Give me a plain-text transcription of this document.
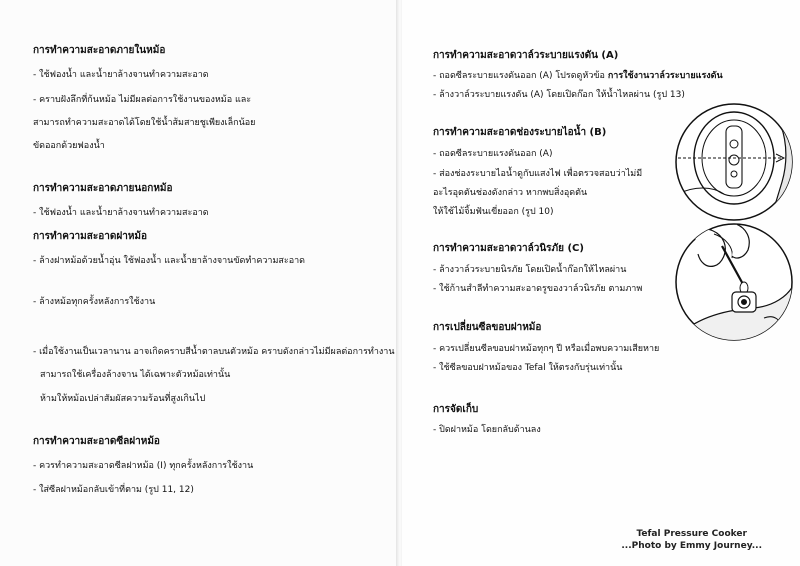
การทำความสะอาดภายในหม้อ
- ใช้ฟองน้ำ และน้ำยาล้างจานทำความสะอาด
- คราบฝังลึกที่ก้นหม้อ ไม่มีผลต่อการใช้งานของหม้อ และ
สามารถทำความสะอาดได้โดยใช้น้ำส้มสายชูเพียงเล็กน้อย
ขัดออกด้วยฟองน้ำ
การทำความสะอาดภายนอกหม้อ
- ใช้ฟองน้ำ และน้ำยาล้างจานทำความสะอาด
การทำความสะอาดฝาหม้อ
- ล้างฝาหม้อด้วยน้ำอุ่น ใช้ฟองน้ำ และน้ำยาล้างจานขัดทำความสะอาด
- ล้างหม้อทุกครั้งหลังการใช้งาน
- เมื่อใช้งานเป็นเวลานาน อาจเกิดคราบสีน้ำตาลบนตัวหม้อ คราบดังกล่าวไม่มีผลต่อการทำงาน
สามารถใช้เครื่องล้างจาน ได้เฉพาะตัวหม้อเท่านั้น
ห้ามให้หม้อเปล่าสัมผัสความร้อนที่สูงเกินไป
การทำความสะอาดซีลฝาหม้อ
- ควรทำความสะอาดซีลฝาหม้อ (I) ทุกครั้งหลังการใช้งาน
- ใส่ซีลฝาหม้อกลับเข้าที่ตาม (รูป 11, 12)
การทำความสะอาดวาล์วระบายแรงดัน (A)
- ถอดซีลระบายแรงดันออก (A) โปรดดูหัวข้อ การใช้งานวาล์วระบายแรงดัน
- ล้างวาล์วระบายแรงดัน (A) โดยเปิดก๊อก ให้น้ำไหลผ่าน (รูป 13)
การทำความสะอาดช่องระบายไอน้ำ (B)
- ถอดซีลระบายแรงดันออก (A)
- ส่องช่องระบายไอน้ำดูกับแสงไฟ เพื่อตรวจสอบว่าไม่มี
อะไรอุดตันช่องดังกล่าว หากพบสิ่งอุดตัน
ให้ใช้ไม้จิ้มฟันเขี่ยออก (รูป 10)
การทำความสะอาดวาล์วนิรภัย (C)
- ล้างวาล์วระบายนิรภัย โดยเปิดน้ำก๊อกให้ไหลผ่าน
- ใช้ก้านสำลีทำความสะอาดรูของวาล์วนิรภัย ตามภาพ
การเปลี่ยนซีลขอบฝาหม้อ
- ควรเปลี่ยนซีลขอบฝาหม้อทุกๆ ปี หรือเมื่อพบความเสียหาย
- ใช้ซีลขอบฝาหม้อของ Tefal ให้ตรงกับรุ่นเท่านั้น
การจัดเก็บ
- ปิดฝาหม้อ โดยกลับด้านลง
Tefal Pressure Cooker
...Photo by Emmy Journey...
